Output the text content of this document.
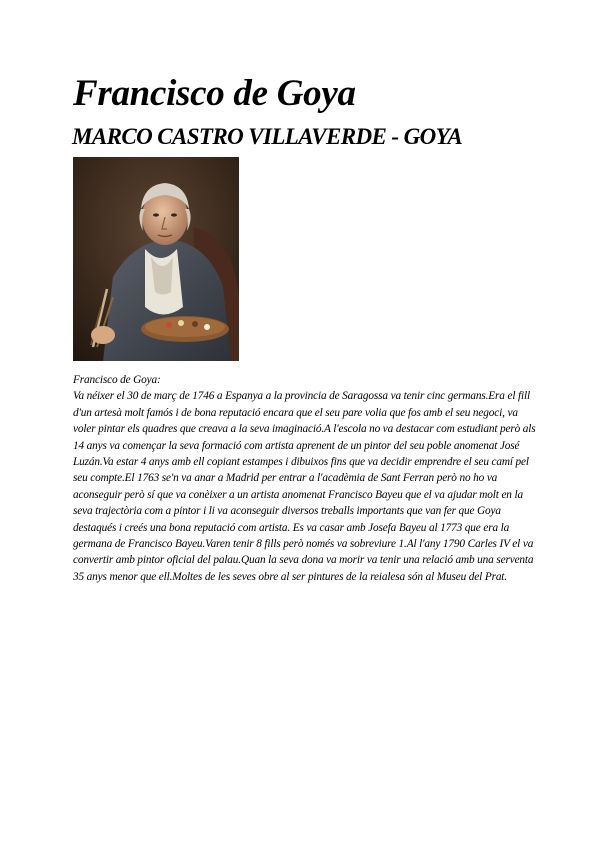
Francisco de Goya
MARCO CASTRO VILLAVERDE - GOYA

Francisco de Goya:

Va néixer el 30 de març de 1746 a Espanya a la provincia de Saragossa va tenir cinc germans.Era el fill d'un artesà molt famós i de bona reputació encara que el seu pare volia que fos amb el seu negoci, va voler pintar els quadres que creava a la seva imaginació.A l'escola no va destacar com estudiant però als 14 anys va començar la seva formació com artista aprenent de un pintor del seu poble anomenat José Luzán.Va estar 4 anys amb ell copiant estampes i dibuixos fins que va decidir emprendre el seu camí pel seu compte.El 1763 se'n va anar a Madrid per entrar a l'acadèmia de Sant Ferran però no ho va aconseguir però sí que va conèixer a un artista anomenat Francisco Bayeu que el va ajudar molt en la seva trajectòria com a pintor i li va aconseguir diversos treballs importants que van fer que Goya destaqués i creés una bona reputació com artista. Es va casar amb Josefa Bayeu al 1773 que era la germana de Francisco Bayeu.Varen tenir 8 fills però només va sobreviure 1.Al l'any 1790 Carles IV el va convertir amb pintor oficial del palau.Quan la seva dona va morir va tenir una relació amb una serventa 35 anys menor que ell.Moltes de les seves obre al ser pintures de la reialesa són al Museu del Prat.
